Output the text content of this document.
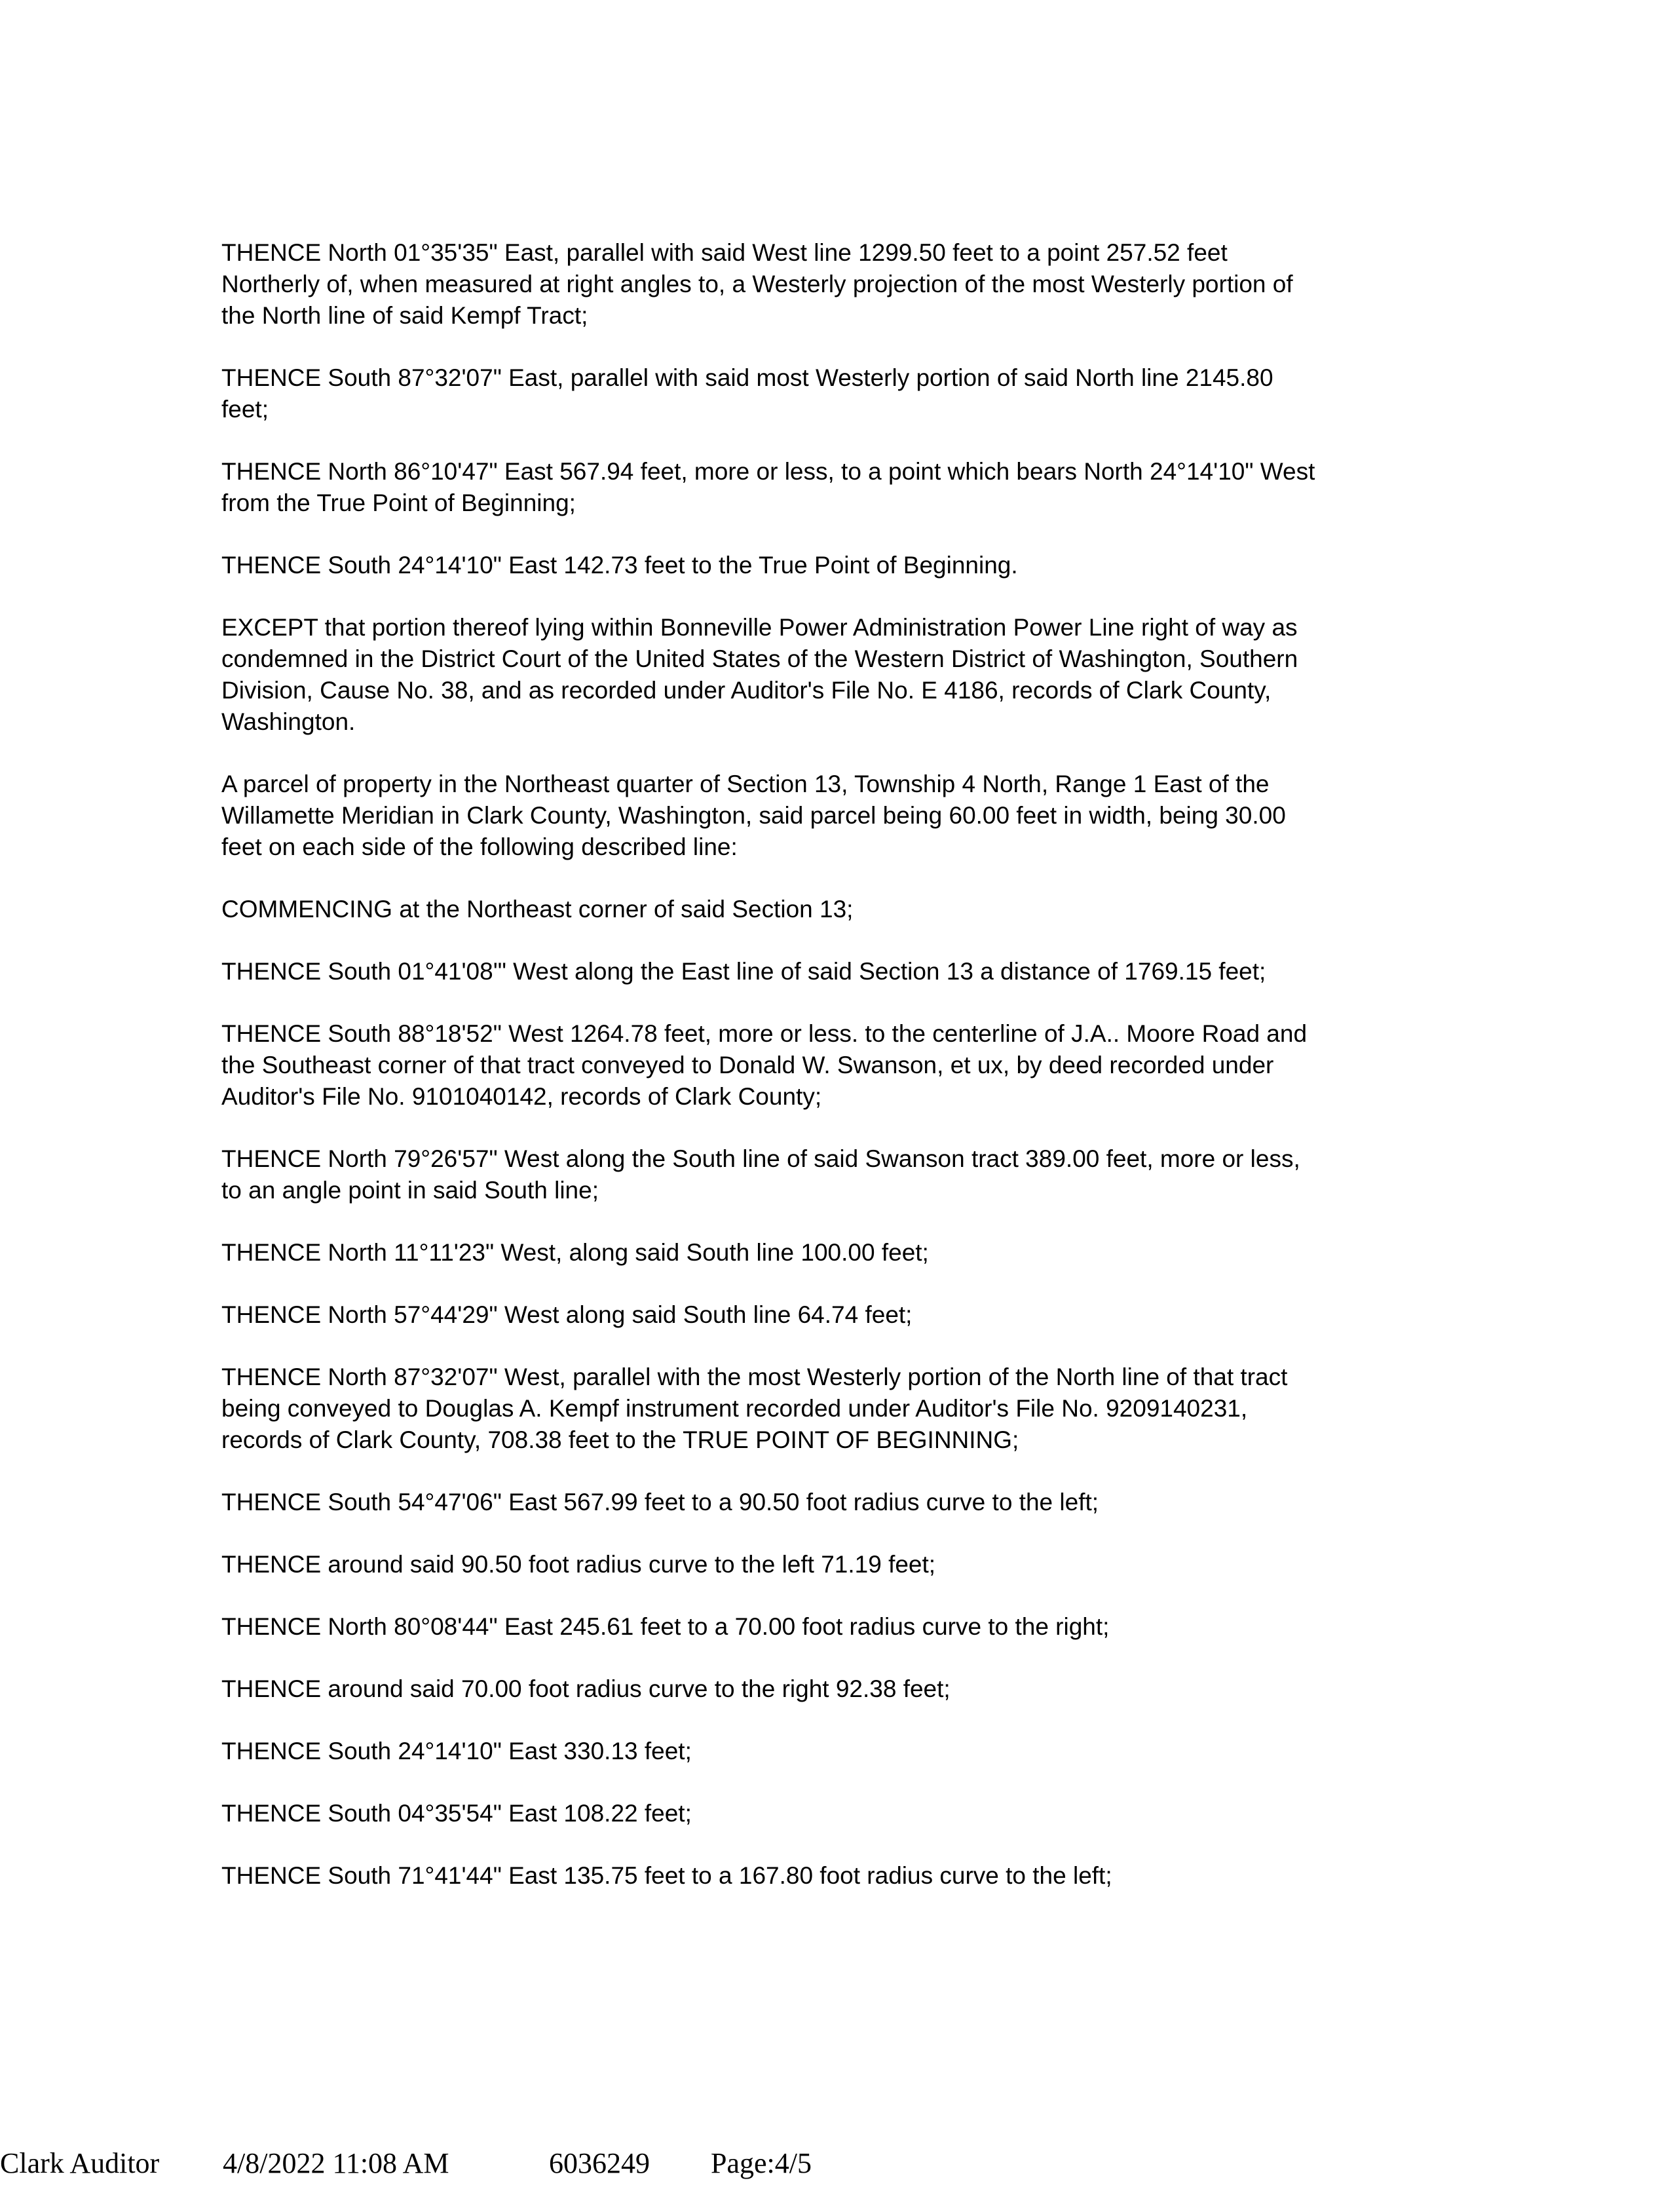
THENCE North 01°35'35" East, parallel with said West line 1299.50 feet to a point 257.52 feet
Northerly of, when measured at right angles to, a Westerly projection of the most Westerly portion of
the North line of said Kempf Tract;

THENCE South 87°32'07" East, parallel with said most Westerly portion of said North line 2145.80
feet;

THENCE North 86°10'47" East 567.94 feet, more or less, to a point which bears North 24°14'10" West
from the True Point of Beginning;

THENCE South 24°14'10" East 142.73 feet to the True Point of Beginning.

EXCEPT that portion thereof lying within Bonneville Power Administration Power Line right of way as
condemned in the District Court of the United States of the Western District of Washington, Southern
Division, Cause No. 38, and as recorded under Auditor's File No. E 4186, records of Clark County,
Washington.

A parcel of property in the Northeast quarter of Section 13, Township 4 North, Range 1 East of the
Willamette Meridian in Clark County, Washington, said parcel being 60.00 feet in width, being 30.00
feet on each side of the following described line:

COMMENCING at the Northeast corner of said Section 13;

THENCE South 01°41'08'" West along the East line of said Section 13 a distance of 1769.15 feet;

THENCE South 88°18'52" West 1264.78 feet, more or less. to the centerline of J.A.. Moore Road and
the Southeast corner of that tract conveyed to Donald W. Swanson, et ux, by deed recorded under
Auditor's File No. 9101040142, records of Clark County;

THENCE North 79°26'57" West along the South line of said Swanson tract 389.00 feet, more or less,
to an angle point in said South line;

THENCE North 11°11'23" West, along said South line 100.00 feet;

THENCE North 57°44'29" West along said South line 64.74 feet;

THENCE North 87°32'07" West, parallel with the most Westerly portion of the North line of that tract
being conveyed to Douglas A. Kempf instrument recorded under Auditor's File No. 9209140231,
records of Clark County, 708.38 feet to the TRUE POINT OF BEGINNING;

THENCE South 54°47'06" East 567.99 feet to a 90.50 foot radius curve to the left;

THENCE around said 90.50 foot radius curve to the left 71.19 feet;

THENCE North 80°08'44" East 245.61 feet to a 70.00 foot radius curve to the right;

THENCE around said 70.00 foot radius curve to the right 92.38 feet;

THENCE South 24°14'10" East 330.13 feet;

THENCE South 04°35'54" East 108.22 feet;

THENCE South 71°41'44" East 135.75 feet to a 167.80 foot radius curve to the left;

Clark Auditor 4/8/2022 11:08 AM	6036249 Page:4/5
